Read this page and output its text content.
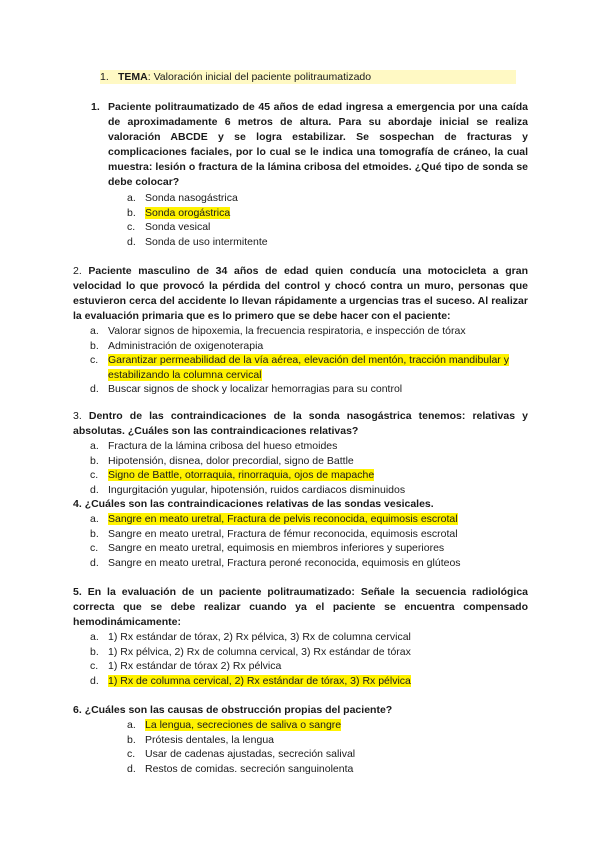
1. TEMA: Valoración inicial del paciente politraumatizado
1. Paciente politraumatizado de 45 años de edad ingresa a emergencia por una caída de aproximadamente 6 metros de altura. Para su abordaje inicial se realiza valoración ABCDE y se logra estabilizar. Se sospechan de fracturas y complicaciones faciales, por lo cual se le indica una tomografía de cráneo, la cual muestra: lesión o fractura de la lámina cribosa del etmoides. ¿Qué tipo de sonda se debe colocar?
a. Sonda nasogástrica
b. Sonda orogástrica
c. Sonda vesical
d. Sonda de uso intermitente
2. Paciente masculino de 34 años de edad quien conducía una motocicleta a gran velocidad lo que provocó la pérdida del control y chocó contra un muro, personas que estuvieron cerca del accidente lo llevan rápidamente a urgencias tras el suceso. Al realizar la evaluación primaria que es lo primero que se debe hacer con el paciente:
a. Valorar signos de hipoxemia, la frecuencia respiratoria, e inspección de tórax
b. Administración de oxigenoterapia
c. Garantizar permeabilidad de la vía aérea, elevación del mentón, tracción mandibular y estabilizando la columna cervical
d. Buscar signos de shock y localizar hemorragias para su control
3. Dentro de las contraindicaciones de la sonda nasogástrica tenemos: relativas y absolutas. ¿Cuáles son las contraindicaciones relativas?
a. Fractura de la lámina cribosa del hueso etmoides
b. Hipotensión, disnea, dolor precordial, signo de Battle
c. Signo de Battle, otorraquia, rinorraquia, ojos de mapache
d. Ingurgitación yugular, hipotensión, ruidos cardiacos disminuidos
4. ¿Cuáles son las contraindicaciones relativas de las sondas vesicales.
a. Sangre en meato uretral, Fractura de pelvis reconocida, equimosis escrotal
b. Sangre en meato uretral, Fractura de fémur reconocida, equimosis escrotal
c. Sangre en meato uretral, equimosis en miembros inferiores y superiores
d. Sangre en meato uretral, Fractura peroné reconocida, equimosis en glúteos
5. En la evaluación de un paciente politraumatizado: Señale la secuencia radiológica correcta que se debe realizar cuando ya el paciente se encuentra compensado hemodinámicamente:
a. 1) Rx estándar de tórax, 2) Rx pélvica, 3) Rx de columna cervical
b. 1) Rx pélvica, 2) Rx de columna cervical, 3) Rx estándar de tórax
c. 1) Rx estándar de tórax 2) Rx pélvica
d. 1) Rx de columna cervical, 2) Rx estándar de tórax, 3) Rx pélvica
6. ¿Cuáles son las causas de obstrucción propias del paciente?
a. La lengua, secreciones de saliva o sangre
b. Prótesis dentales, la lengua
c. Usar de cadenas ajustadas, secreción salival
d. Restos de comidas. secreción sanguinolenta
